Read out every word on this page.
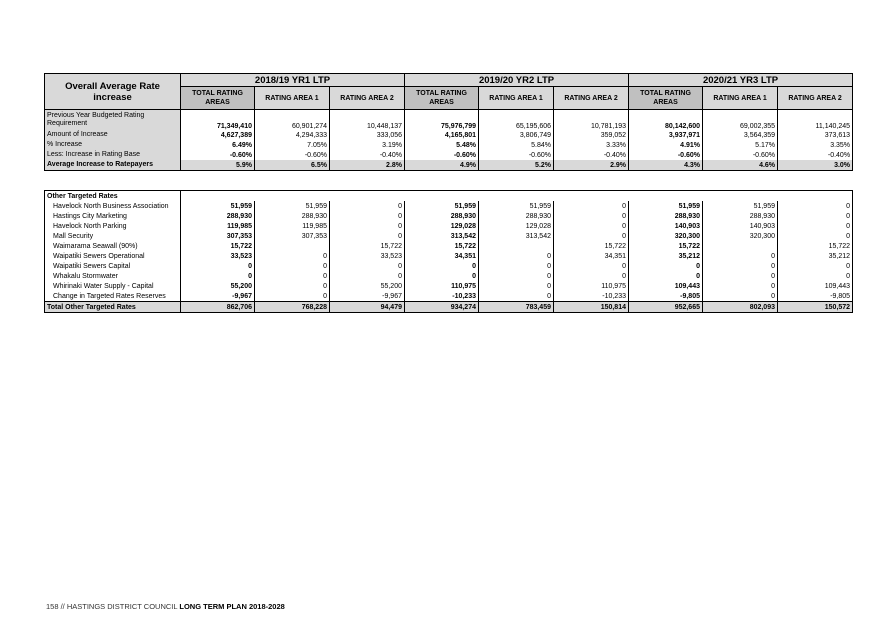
Overall Average Rate increase	2018/19 YR1 LTP			2019/20 YR2 LTP			2020/21 YR3 LTP		
	TOTAL RATING AREAS	RATING AREA 1	RATING AREA 2	TOTAL RATING AREAS	RATING AREA 1	RATING AREA 2	TOTAL RATING AREAS	RATING AREA 1	RATING AREA 2
Previous Year Budgeted Rating Requirement	71,349,410	60,901,274	10,448,137	75,976,799	65,195,606	10,781,193	80,142,600	69,002,355	11,140,245
Amount of Increase	4,627,389	4,294,333	333,056	4,165,801	3,806,749	359,052	3,937,971	3,564,359	373,613
% Increase	6.49%	7.05%	3.19%	5.48%	5.84%	3.33%	4.91%	5.17%	3.35%
Less: Increase in Rating Base	-0.60%	-0.60%	-0.40%	-0.60%	-0.60%	-0.40%	-0.60%	-0.60%	-0.40%
Average Increase to Ratepayers	5.9%	6.5%	2.8%	4.9%	5.2%	2.9%	4.3%	4.6%	3.0%
Other Targeted Rates									
Havelock North Business Association	51,959	51,959	0	51,959	51,959	0	51,959	51,959	0
Hastings City Marketing	288,930	288,930	0	288,930	288,930	0	288,930	288,930	0
Havelock North Parking	119,985	119,985	0	129,028	129,028	0	140,903	140,903	0
Mall Security	307,353	307,353	0	313,542	313,542	0	320,300	320,300	0
Waimarama Seawall (90%)	15,722		15,722	15,722		15,722	15,722		15,722
Waipatiki Sewers Operational	33,523	0	33,523	34,351	0	34,351	35,212	0	35,212
Waipatiki Sewers Capital	0	0	0	0	0	0	0	0	0
Whakalu Stormwater	0	0	0	0	0	0	0	0	0
Whirinaki Water Supply - Capital	55,200	0	55,200	110,975	0	110,975	109,443	0	109,443
Change in Targeted Rates Reserves	-9,967	0	-9,967	-10,233	0	-10,233	-9,805	0	-9,805
Total Other Targeted Rates	862,706	768,228	94,479	934,274	783,459	150,814	952,665	802,093	150,572
158 // HASTINGS DISTRICT COUNCIL LONG TERM PLAN 2018-2028
